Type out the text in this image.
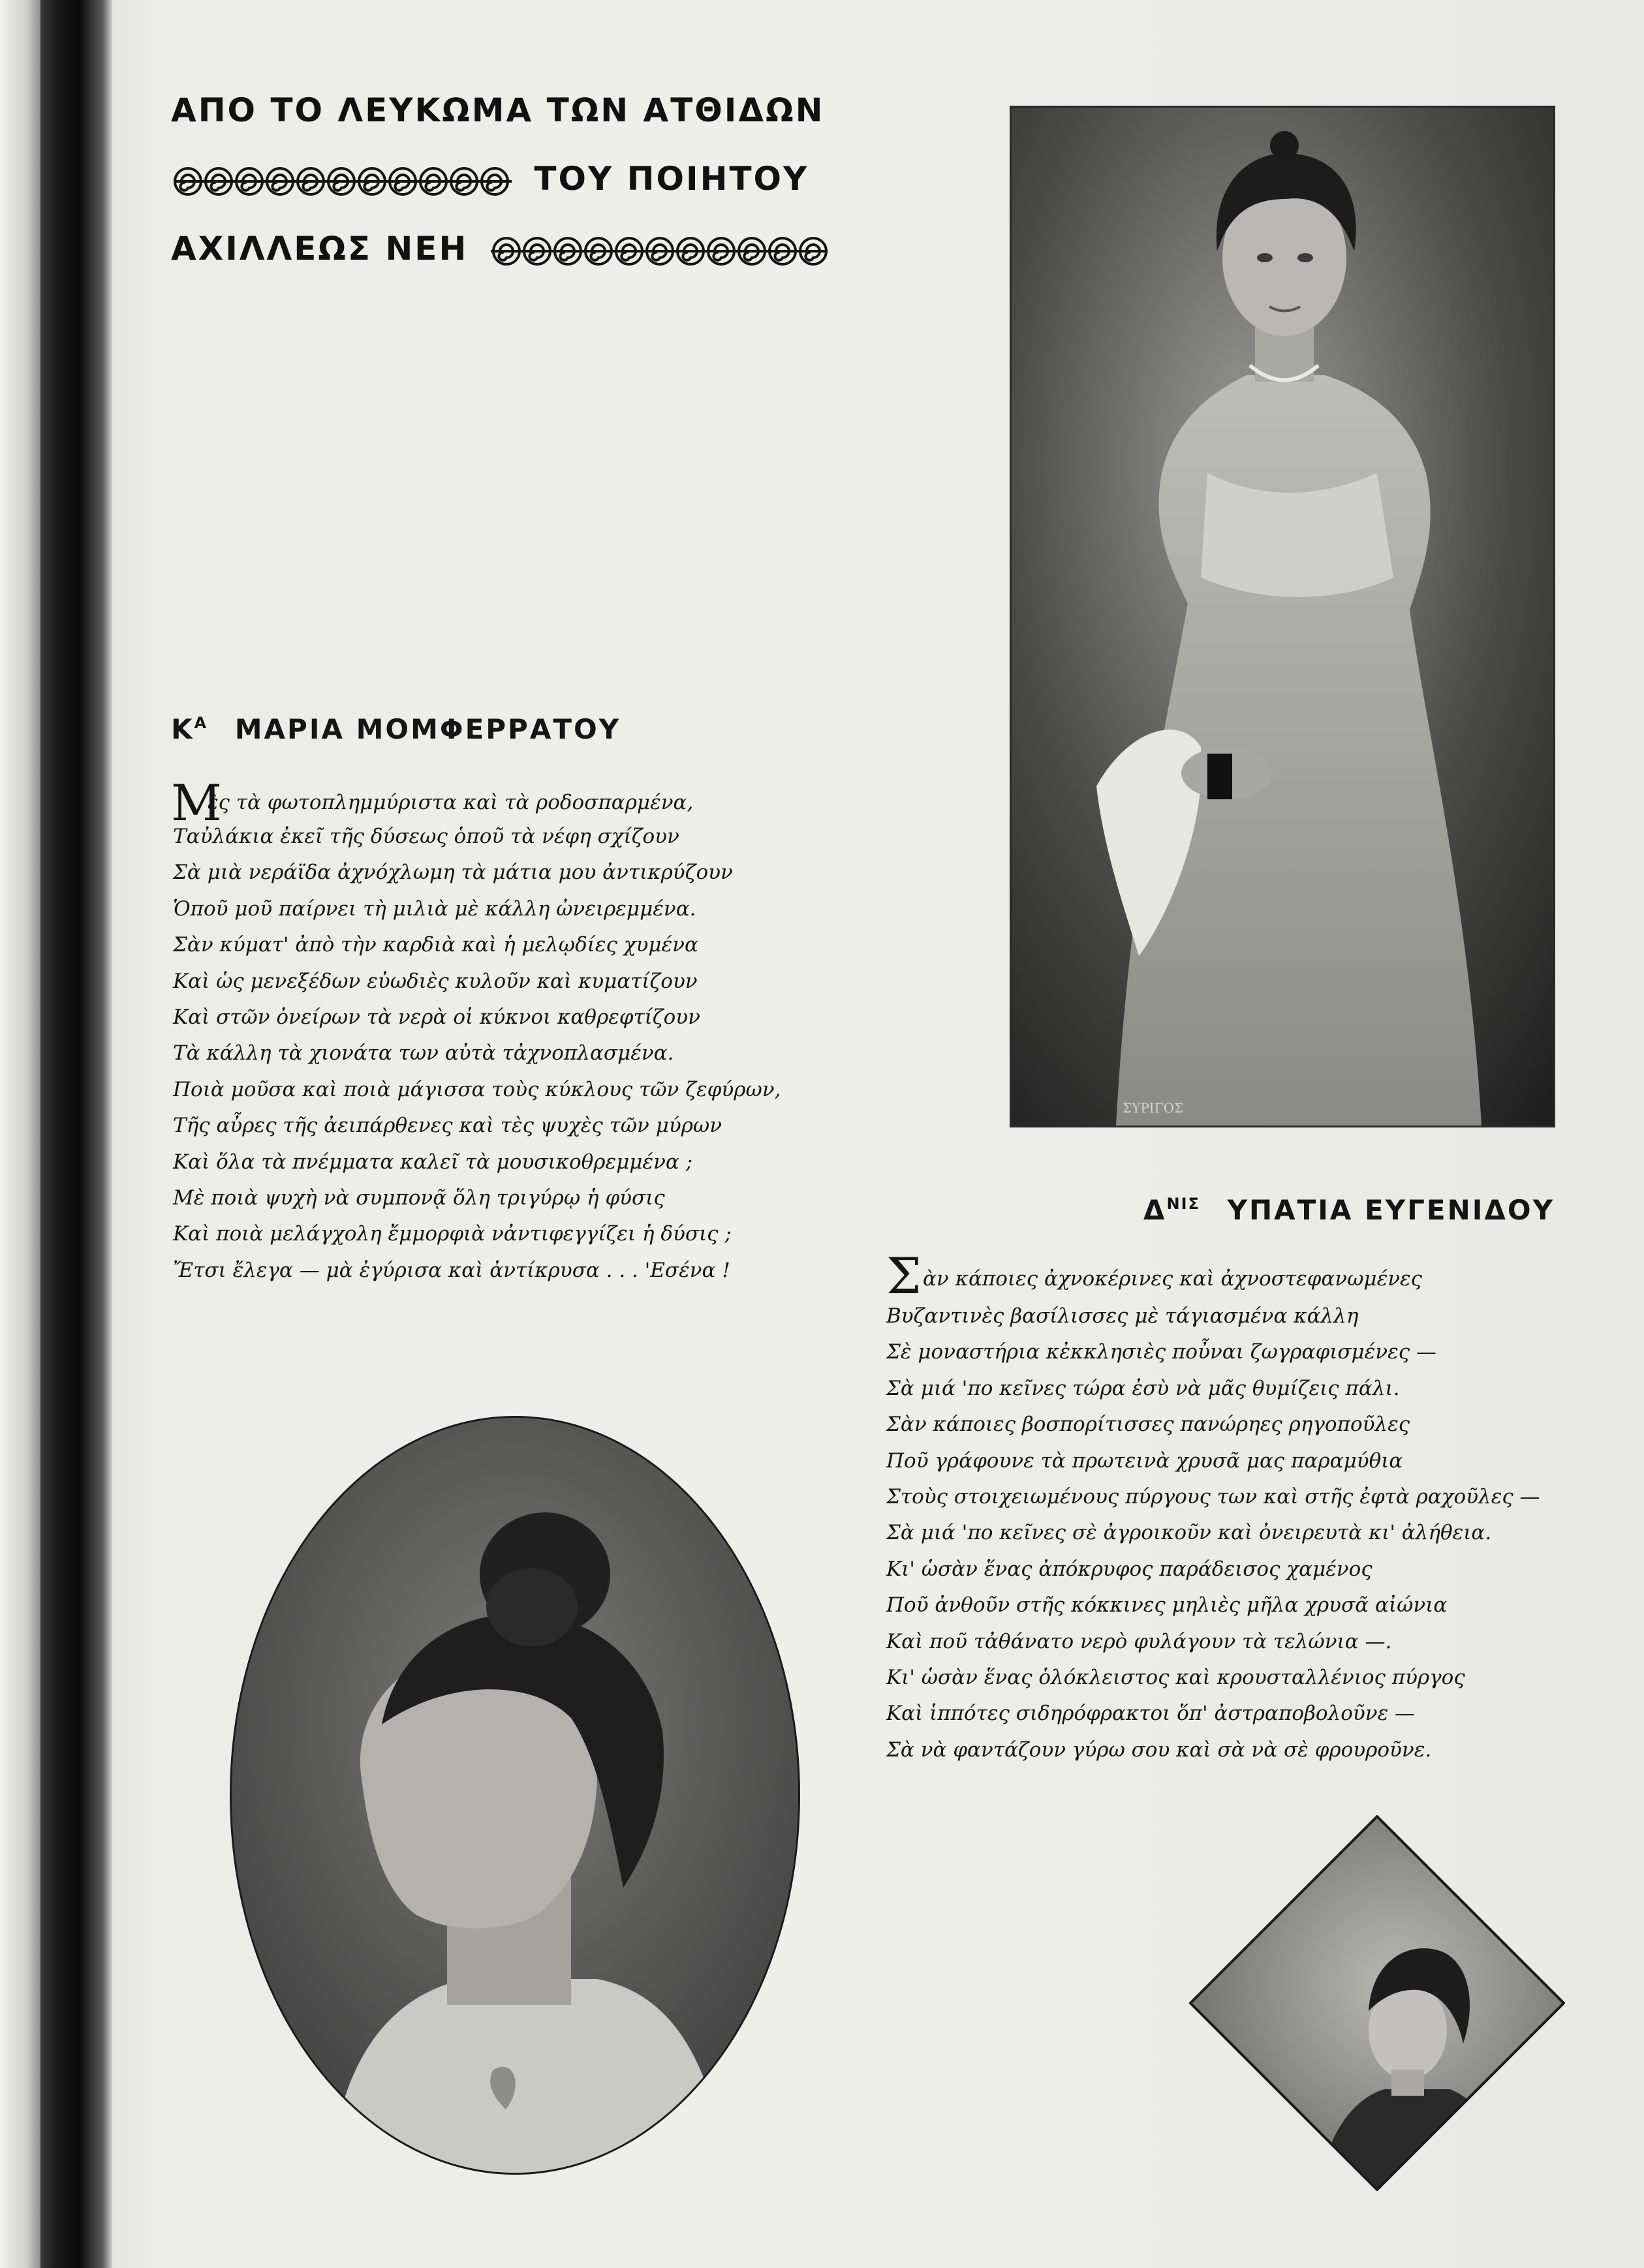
ΑΠΟ ΤΟ ΛΕΥΚΩΜΑ ΤΩΝ ΑΤΘΙΔΩΝ
ΤΟΥ ΠΟΙΗΤΟΥ
ΑΧΙΛΛΕΩΣ ΝΕΗ
ΣΥΡΙΓΟΣ
$K^A$ ΜΑΡΙΑ ΜΟΜΦΕΡΡΑΤΟΥ
Μ
ὲς τὰ φωτοπλημμύριστα καὶ τὰ ροδοσπαρμένα,
Ταὐλάκια ἐκεῖ τῆς δύσεως ὁποῦ τὰ νέφη σχίζουν
Σὰ μιὰ νεράϊδα ἀχνόχλωμη τὰ μάτια μου ἀντικρύζουν
Ὁποῦ μοῦ παίρνει τὴ μιλιὰ μὲ κάλλη ὠνειρεμμένα.
Σὰν κύματ' ἀπὸ τὴν καρδιὰ καὶ ἡ μελῳδίες χυμένα
Καὶ ὡς μενεξέδων εὐωδιὲς κυλοῦν καὶ κυματίζουν
Καὶ στῶν ὀνείρων τὰ νερὰ οἱ κύκνοι καθρεφτίζουν
Τὰ κάλλη τὰ χιονάτα των αὐτὰ τἀχνοπλασμένα.
Ποιὰ μοῦσα καὶ ποιὰ μάγισσα τοὺς κύκλους τῶν ζεφύρων,
Τῆς αὖρες τῆς ἀειπάρθενες καὶ τὲς ψυχὲς τῶν μύρων
Καὶ ὅλα τὰ πνέμματα καλεῖ τὰ μουσικοθρεμμένα ;
Μὲ ποιὰ ψυχὴ νὰ συμπονᾷ ὅλη τριγύρῳ ἡ φύσις
Καὶ ποιὰ μελάγχολη ἔμμορφιὰ νἀντιφεγγίζει ἡ δύσις ;
Ἔτσι ἔλεγα — μὰ ἐγύρισα καὶ ἀντίκρυσα . . . 'Εσένα !
$\Delta^{NI\Sigma}$ ΥΠΑΤΙΑ ΕΥΓΕΝΙΔΟΥ
Σ ὰν κάποιες ἀχνοκέρινες καὶ ἀχνοστεφανωμένες
Βυζαντινὲς βασίλισσες μὲ τάγιασμένα κάλλη
Σὲ μοναστήρια κἐκκλησιὲς ποὖναι ζωγραφισμένες —
Σὰ μιά 'πο κεῖνες τώρα ἐσὺ νὰ μᾶς θυμίζεις πάλι.
Σὰν κάποιες βοσπορίτισσες πανώρηες ρηγοποῦλες
Ποῦ γράφουνε τὰ πρωτεινὰ χρυσᾶ μας παραμύθια
Στοὺς στοιχειωμένους πύργους των καὶ στῆς ἐφτὰ ραχοῦλες —
Σὰ μιά 'πο κεῖνες σὲ ἀγροικοῦν καὶ ὀνειρευτὰ κι' ἀλήθεια.
Κι' ὡσὰν ἕνας ἀπόκρυφος παράδεισος χαμένος
Ποῦ ἀνθοῦν στῆς κόκκινες μηλιὲς μῆλα χρυσᾶ αἰώνια
Καὶ ποῦ τἀθάνατο νερὸ φυλάγουν τὰ τελώνια —.
Κι' ὡσὰν ἕνας ὁλόκλειστος καὶ κρουσταλλένιος πύργος
Καὶ ἱππότες σιδηρόφρακτοι ὅπ' ἀστραποβολοῦνε —
Σὰ νὰ φαντάζουν γύρω σου καὶ σὰ νὰ σὲ φρουροῦνε.
